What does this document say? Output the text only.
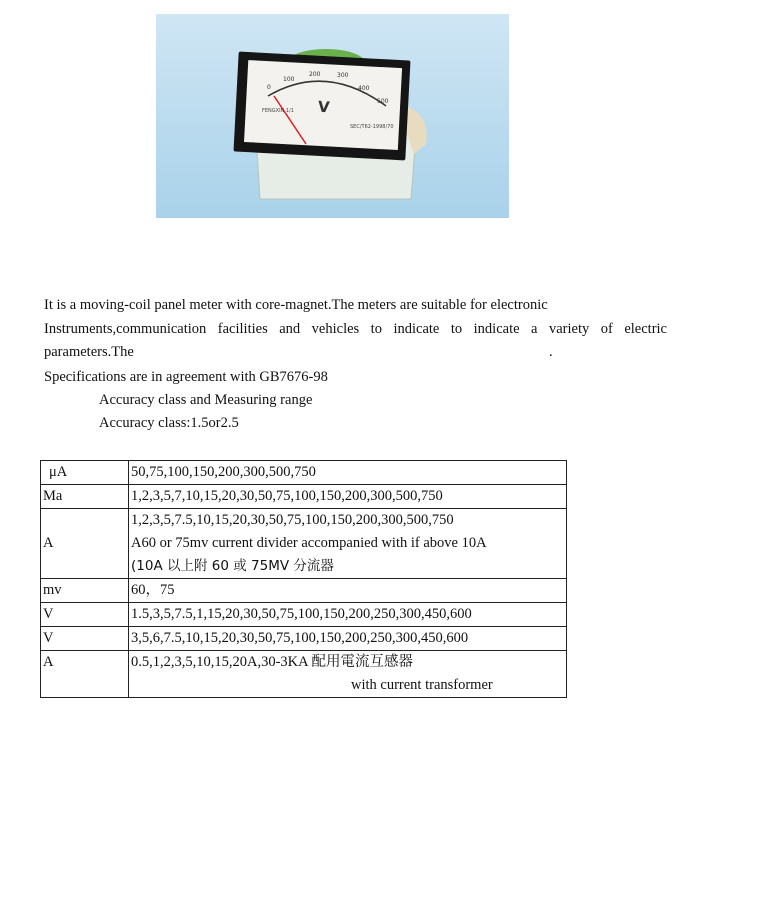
V
0
100
200	300
400
500
FENGXIN 1/1
SEC/T62-1998/70

It is a moving-coil panel meter with core-magnet.The meters are suitable for electronic

Instruments,communication facilities and vehicles to indicate to indicate a variety of electric

parameters.The	.

Specifications are in agreement with GB7676-98
Accuracy class and Measuring range
Accuracy class:1.5or2.5
μA	50,75,100,150,200,300,500,750
Ma	1,2,3,5,7,10,15,20,30,50,75,100,150,200,300,500,750
A	1,2,3,5,7.5,10,15,20,30,50,75,100,150,200,300,500,750
A60 or 75mv current divider accompanied with if above 10A
(10A 以上附 60 或 75MV 分流器

mv	60，75
V	1.5,3,5,7.5,1,15,20,30,50,75,100,150,200,250,300,450,600
V	3,5,6,7.5,10,15,20,30,50,75,100,150,200,250,300,450,600
A	0.5,1,2,3,5,10,15,20A,30-3KA 配用電流互感器
with current transformer
